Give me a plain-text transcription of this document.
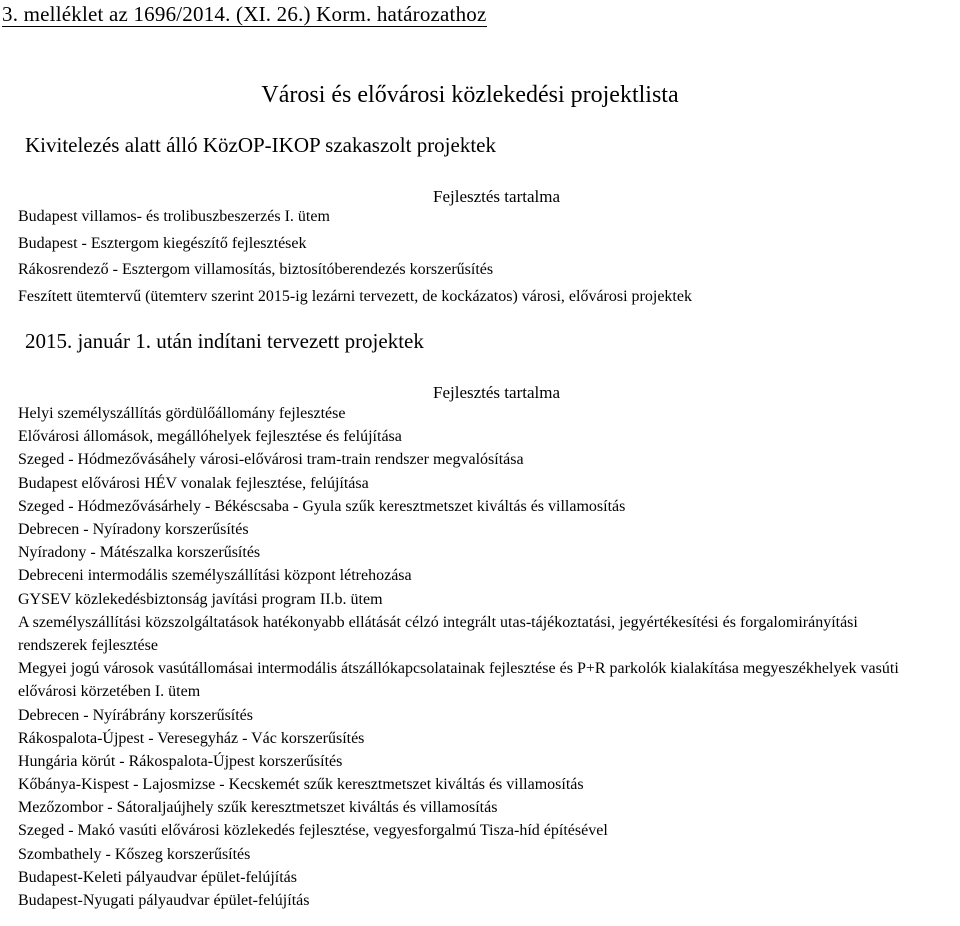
3. melléklet az 1696/2014. (XI. 26.) Korm. határozathoz
Városi és elővárosi közlekedési projektlista
Kivitelezés alatt álló KözOP-IKOP szakaszolt projektek
Fejlesztés tartalma
Budapest villamos- és trolibuszbeszerzés I. ütem
Budapest - Esztergom kiegészítő fejlesztések
Rákosrendező - Esztergom villamosítás, biztosítóberendezés korszerűsítés
Feszített ütemtervű (ütemterv szerint 2015-ig lezárni tervezett, de kockázatos) városi, elővárosi projektek
2015. január 1. után indítani tervezett projektek
Fejlesztés tartalma
Helyi személyszállítás gördülőállomány fejlesztése
Elővárosi állomások, megállóhelyek fejlesztése és felújítása
Szeged - Hódmezővásáhely városi-elővárosi tram-train rendszer megvalósítása
Budapest elővárosi HÉV vonalak fejlesztése, felújítása
Szeged - Hódmezővásárhely - Békéscsaba - Gyula szűk keresztmetszet kiváltás és villamosítás
Debrecen - Nyíradony korszerűsítés
Nyíradony - Mátészalka korszerűsítés
Debreceni intermodális személyszállítási központ létrehozása
GYSEV közlekedésbiztonság javítási program II.b. ütem
A személyszállítási közszolgáltatások hatékonyabb ellátását célzó integrált utas-tájékoztatási, jegyértékesítési és forgalomirányítási rendszerek fejlesztése
Megyei jogú városok vasútállomásai intermodális átszállókapcsolatainak fejlesztése és P+R parkolók kialakítása megyeszékhelyek vasúti elővárosi körzetében I. ütem
Debrecen - Nyírábrány korszerűsítés
Rákospalota-Újpest - Veresegyház - Vác korszerűsítés
Hungária körút - Rákospalota-Újpest korszerűsítés
Kőbánya-Kispest - Lajosmizse - Kecskemét szűk keresztmetszet kiváltás és villamosítás
Mezőzombor - Sátoraljaújhely szűk keresztmetszet kiváltás és villamosítás
Szeged - Makó vasúti elővárosi közlekedés fejlesztése, vegyesforgalmú Tisza-híd építésével
Szombathely - Kőszeg korszerűsítés
Budapest-Keleti pályaudvar épület-felújítás
Budapest-Nyugati pályaudvar épület-felújítás
